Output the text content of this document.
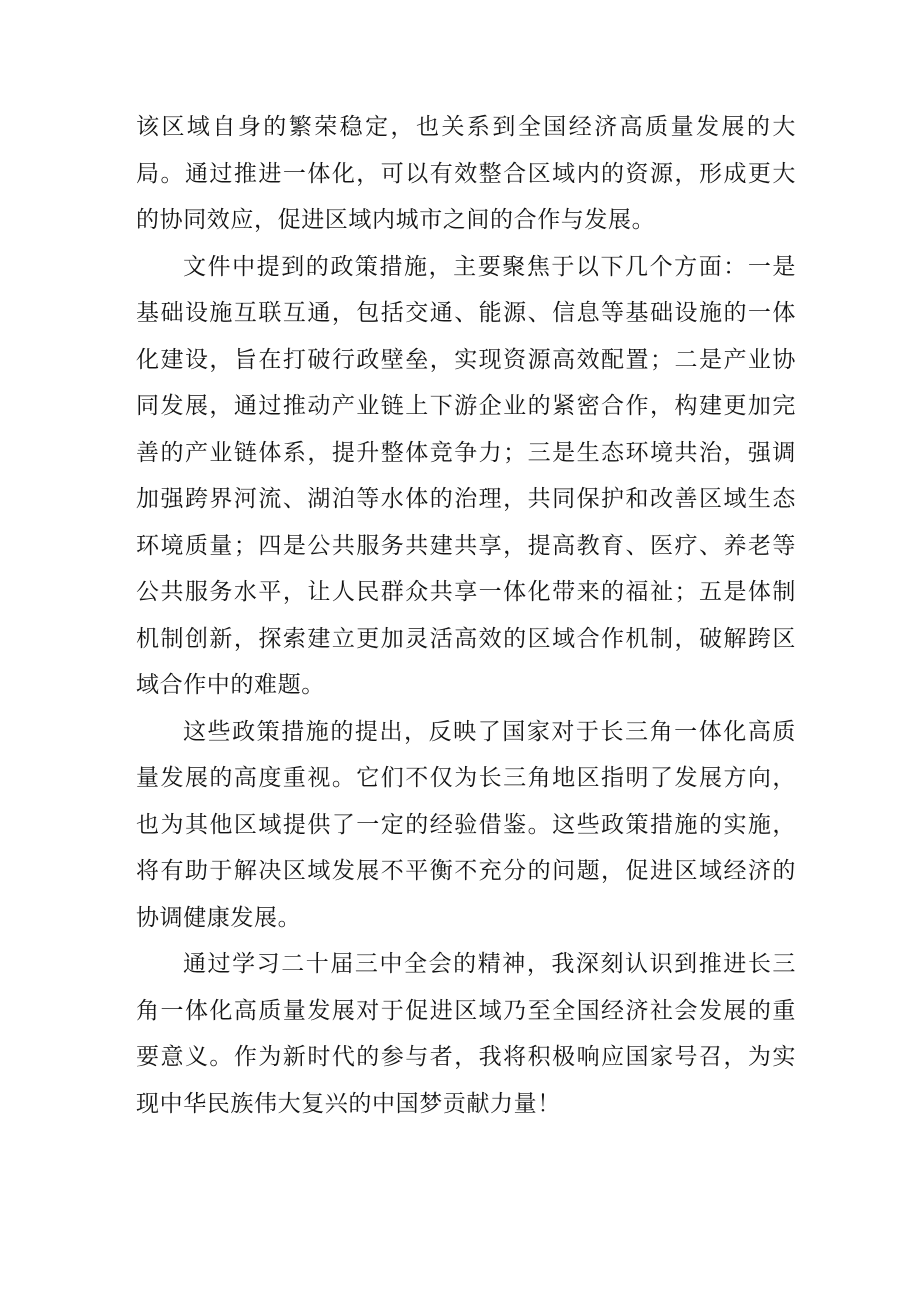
该区域自身的繁荣稳定，也关系到全国经济高质量发展的大局。通过推进一体化，可以有效整合区域内的资源，形成更大的协同效应，促进区域内城市之间的合作与发展。

文件中提到的政策措施，主要聚焦于以下几个方面：一是基础设施互联互通，包括交通、能源、信息等基础设施的一体化建设，旨在打破行政壁垒，实现资源高效配置；二是产业协同发展，通过推动产业链上下游企业的紧密合作，构建更加完善的产业链体系，提升整体竞争力；三是生态环境共治，强调加强跨界河流、湖泊等水体的治理，共同保护和改善区域生态环境质量；四是公共服务共建共享，提高教育、医疗、养老等公共服务水平，让人民群众共享一体化带来的福祉；五是体制机制创新，探索建立更加灵活高效的区域合作机制，破解跨区域合作中的难题。

这些政策措施的提出，反映了国家对于长三角一体化高质量发展的高度重视。它们不仅为长三角地区指明了发展方向，也为其他区域提供了一定的经验借鉴。这些政策措施的实施，将有助于解决区域发展不平衡不充分的问题，促进区域经济的协调健康发展。

通过学习二十届三中全会的精神，我深刻认识到推进长三角一体化高质量发展对于促进区域乃至全国经济社会发展的重要意义。作为新时代的参与者，我将积极响应国家号召，为实现中华民族伟大复兴的中国梦贡献力量！
